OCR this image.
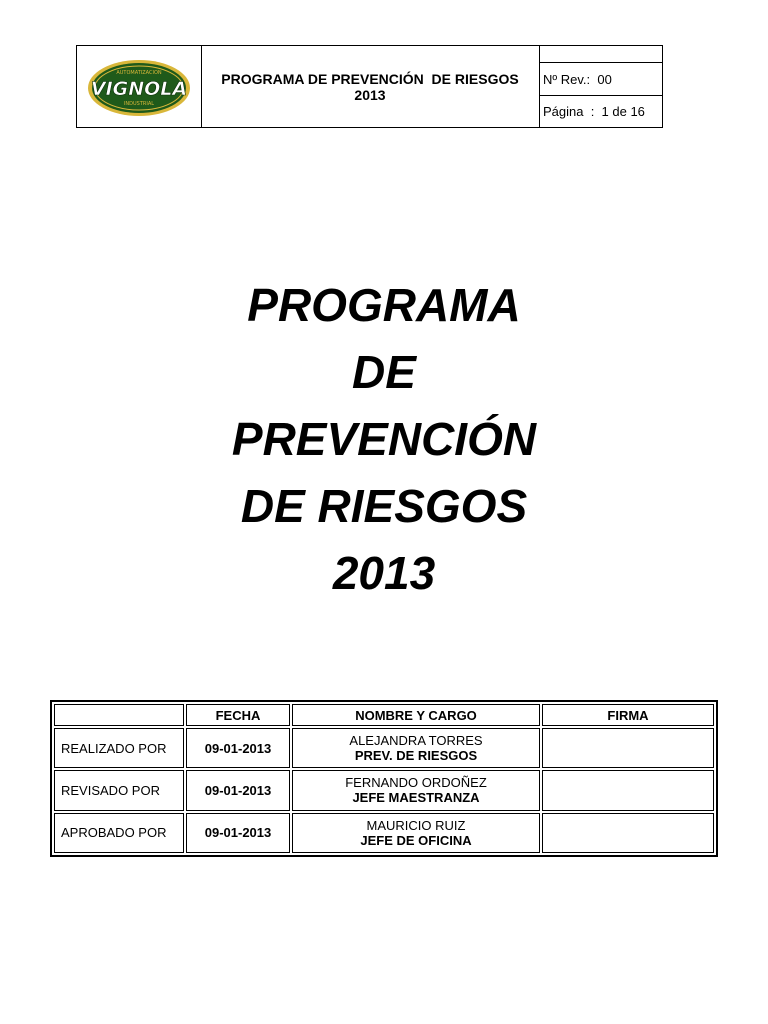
AUTOMATIZACION
VIGNOLA
INDUSTRIAL
PROGRAMA DE PREVENCIÓN  DE RIESGOS
2013
Nº Rev.:  00
Página  :  1 de 16
PROGRAMA
DE
PREVENCIÓN
DE RIESGOS
2013
	FECHA	NOMBRE Y CARGO	FIRMA
REALIZADO POR	09-01-2013	ALEJANDRA TORRES
PREV. DE RIESGOS	

REVISADO POR	09-01-2013	FERNANDO ORDOÑEZ
JEFE MAESTRANZA	

APROBADO POR	09-01-2013	MAURICIO RUIZ
JEFE DE OFICINA	
